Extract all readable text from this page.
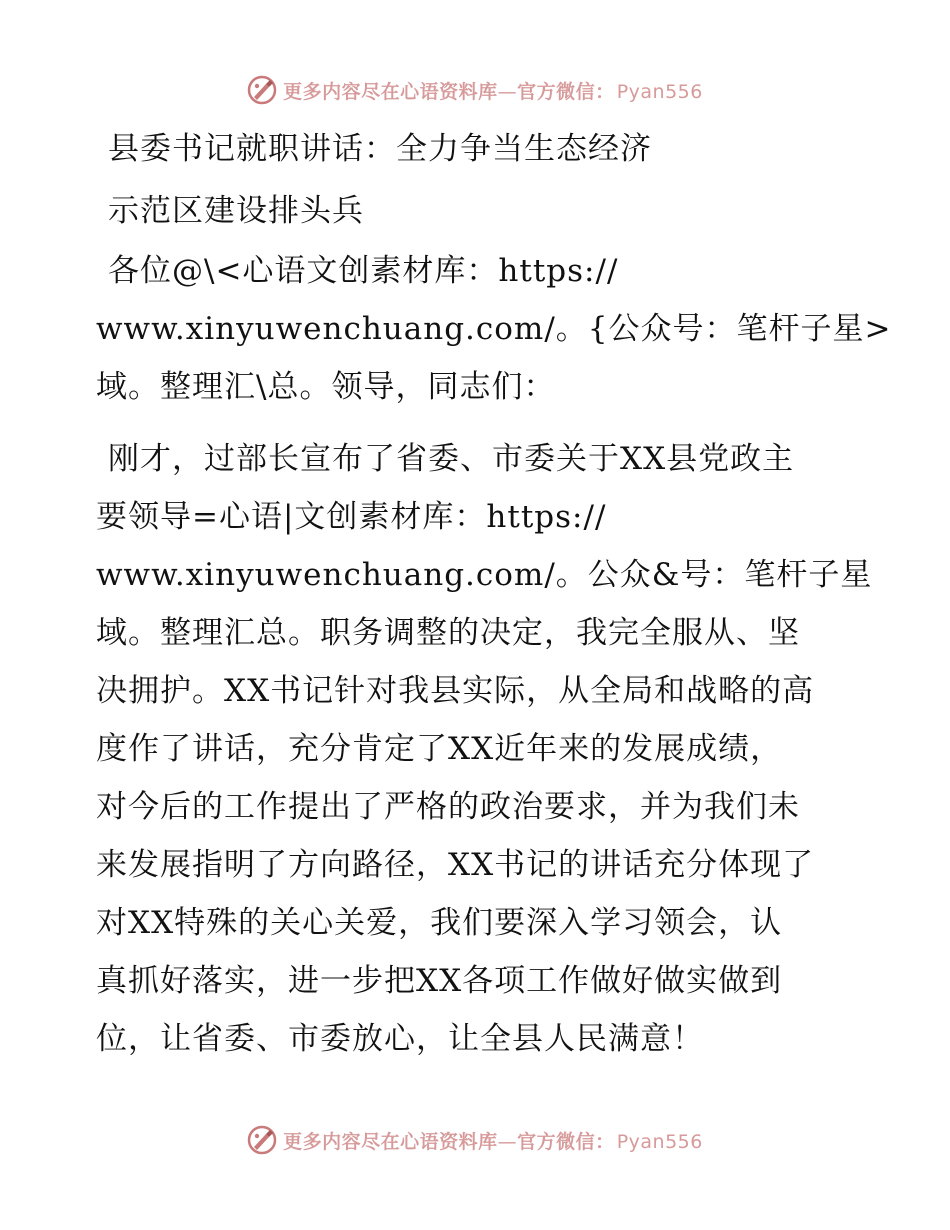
更多内容尽在心语资料库—官方微信： Pyan556
县委书记就职讲话：全力争当生态经济
示范区建设排头兵
各位@\<心语文创素材库：https://
www.xinyuwenchuang.com/。{公众号：笔杆子星>
域。整理汇\总。领导，同志们：
刚才，过部长宣布了省委、市委关于XX县党政主
要领导=心语|文创素材库：https://
www.xinyuwenchuang.com/。公众&号：笔杆子星
域。整理汇总。职务调整的决定，我完全服从、坚
决拥护。XX书记针对我县实际，从全局和战略的高
度作了讲话，充分肯定了XX近年来的发展成绩，
对今后的工作提出了严格的政治要求，并为我们未
来发展指明了方向路径，XX书记的讲话充分体现了
对XX特殊的关心关爱，我们要深入学习领会，认
真抓好落实，进一步把XX各项工作做好做实做到
位，让省委、市委放心，让全县人民满意！
更多内容尽在心语资料库—官方微信： Pyan556
